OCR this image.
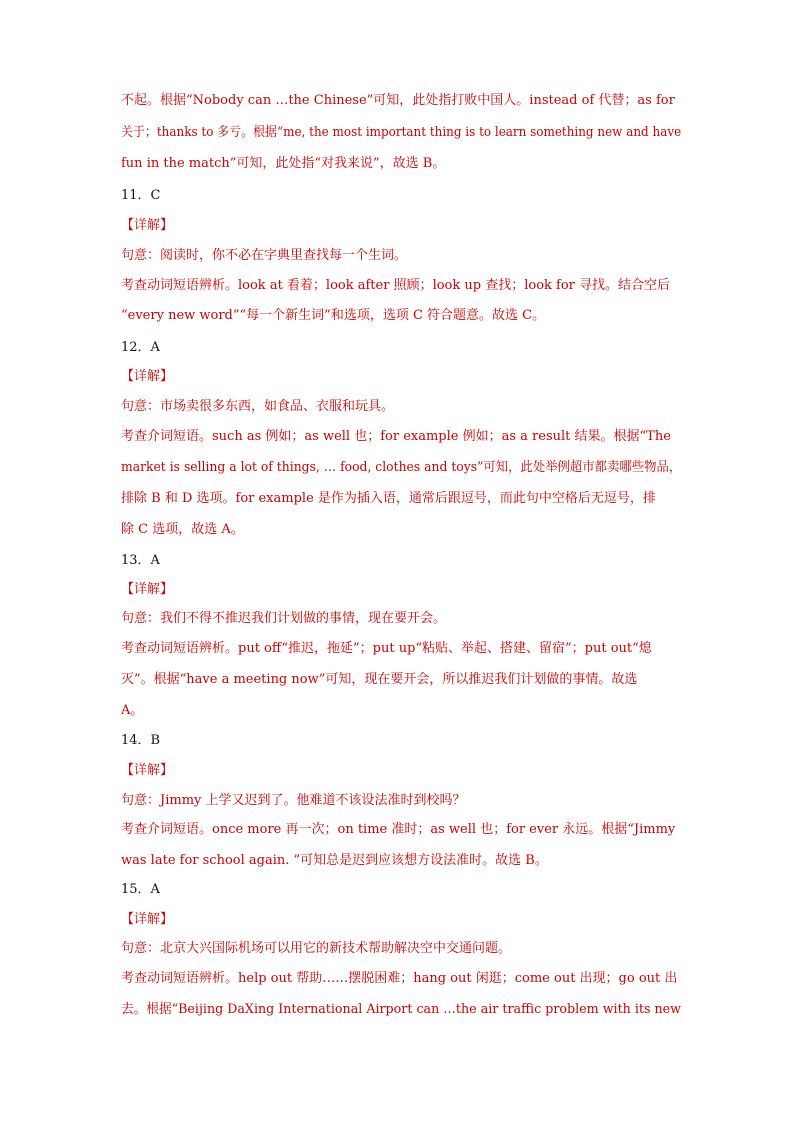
不起。根据“Nobody can …the Chinese”可知，此处指打败中国人。instead of 代替；as for
关于；thanks to 多亏。根据“me, the most important thing is to learn something new and have
fun in the match”可知，此处指“对我来说”，故选 B。
11．C
【详解】
句意：阅读时，你不必在字典里查找每一个生词。
考查动词短语辨析。look at 看着；look after 照顾；look up 查找；look for 寻找。结合空后
“every new word”“每一个新生词”和选项，选项 C 符合题意。故选 C。
12．A
【详解】
句意：市场卖很多东西，如食品、衣服和玩具。
考查介词短语。such as 例如；as well 也；for example 例如；as a result 结果。根据“The
market is selling a lot of things, … food, clothes and toys”可知，此处举例超市都卖哪些物品，
排除 B 和 D 选项。for example 是作为插入语，通常后跟逗号，而此句中空格后无逗号，排
除 C 选项，故选 A。
13．A
【详解】
句意：我们不得不推迟我们计划做的事情，现在要开会。
考查动词短语辨析。put off“推迟，拖延”；put up“粘贴、举起、搭建、留宿”；put out“熄
灭”。根据“have a meeting now”可知，现在要开会，所以推迟我们计划做的事情。故选
A。
14．B
【详解】
句意：Jimmy 上学又迟到了。他难道不该设法准时到校吗？
考查介词短语。once more 再一次；on time 准时；as well 也；for ever 永远。根据“Jimmy
was late for school again. ”可知总是迟到应该想方设法准时。故选 B。
15．A
【详解】
句意：北京大兴国际机场可以用它的新技术帮助解决空中交通问题。
考查动词短语辨析。help out 帮助……摆脱困难；hang out 闲逛；come out 出现；go out 出
去。根据“Beijing DaXing International Airport can …the air traffic problem with its new
